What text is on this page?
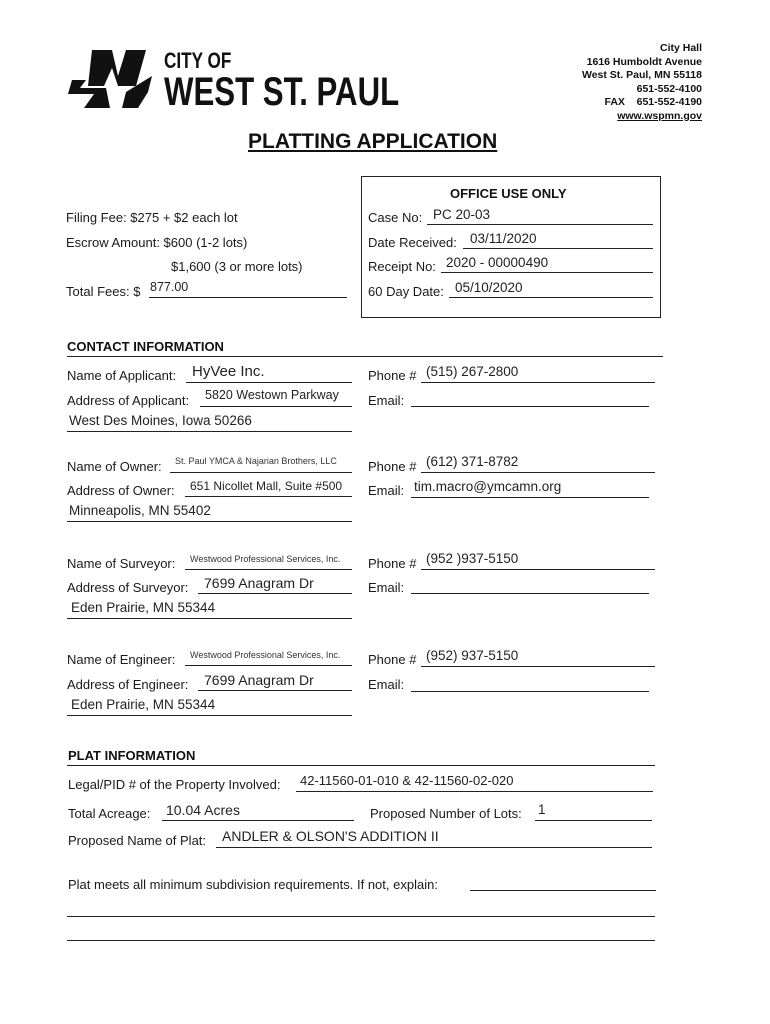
CITY OF
WEST ST. PAUL
City Hall
1616 Humboldt Avenue
West St. Paul, MN 55118
651-552-4100
FAX 651-552-4190
www.wspmn.gov
PLATTING APPLICATION
Filing Fee: $275 + $2 each lot
Escrow Amount: $600 (1-2 lots)
$1,600 (3 or more lots)
Total Fees: $ 877.00
OFFICE USE ONLY
Case No: PC 20-03
Date Received: 03/11/2020
Receipt No: 2020 - 00000490
60 Day Date: 05/10/2020
CONTACT INFORMATION
Name of Applicant: HyVee Inc.	Phone # (515) 267-2800
Address of Applicant: 5820 Westown Parkway Email:
West Des Moines, Iowa 50266
Name of Owner: St. Paul YMCA & Najarian Brothers, LLC Phone # (612) 371-8782
Address of Owner: 651 Nicollet Mall, Suite #500 Email: tim.macro@ymcamn.org
Minneapolis, MN 55402
Name of Surveyor: Westwood Professional Services, Inc. Phone # (952 )937-5150
Address of Surveyor: 7699 Anagram Dr	Email:
Eden Prairie, MN 55344
Name of Engineer: Westwood Professional Services, Inc. Phone # (952) 937-5150
Address of Engineer: 7699 Anagram Dr	Email:
Eden Prairie, MN 55344
PLAT INFORMATION
Legal/PID # of the Property Involved: 42-11560-01-010 & 42-11560-02-020
Total Acreage: 10.04 Acres	Proposed Number of Lots: 1
Proposed Name of Plat: ANDLER & OLSON'S ADDITION II
Plat meets all minimum subdivision requirements. If not, explain:
